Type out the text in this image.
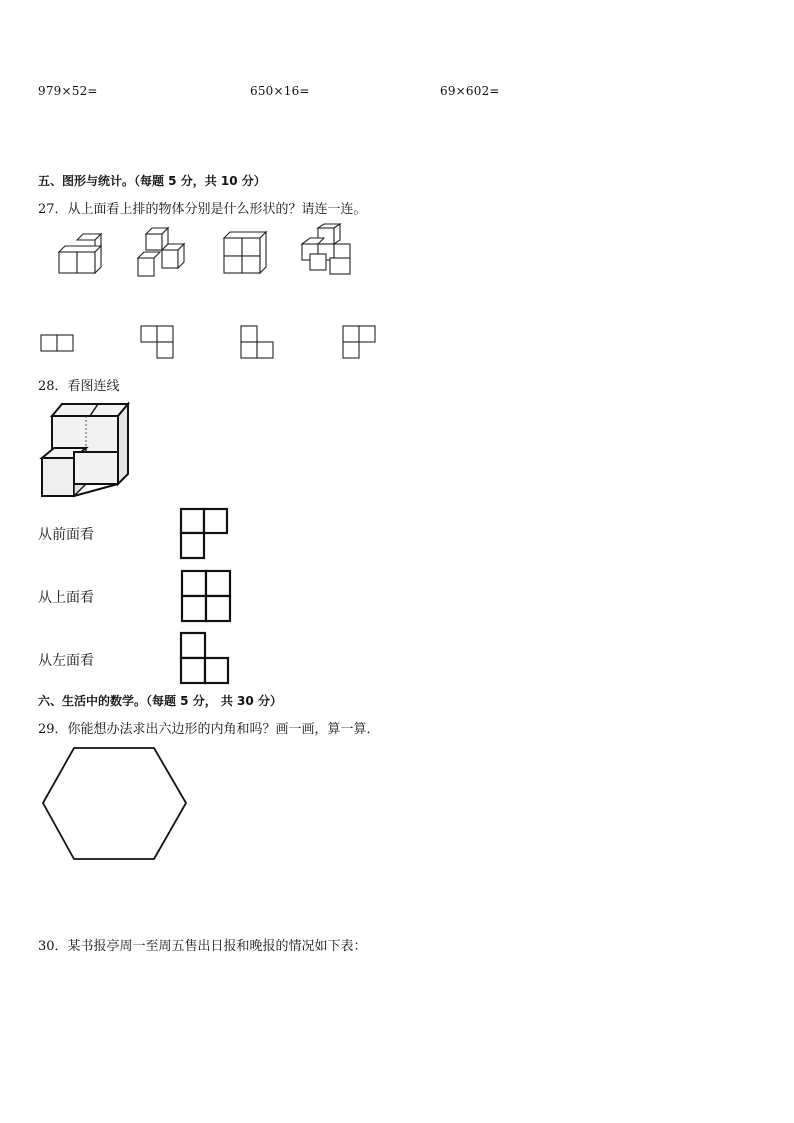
979×52=	650×16=	69×602=
五、图形与统计。（每题 5 分，共 10 分）
27．从上面看上排的物体分别是什么形状的？请连一连。
28．看图连线
从前面看
从上面看
从左面看
六、生活中的数学。（每题 5 分， 共 30 分）
29．你能想办法求出六边形的内角和吗？画一画，算一算．
30．某书报亭周一至周五售出日报和晚报的情况如下表：
